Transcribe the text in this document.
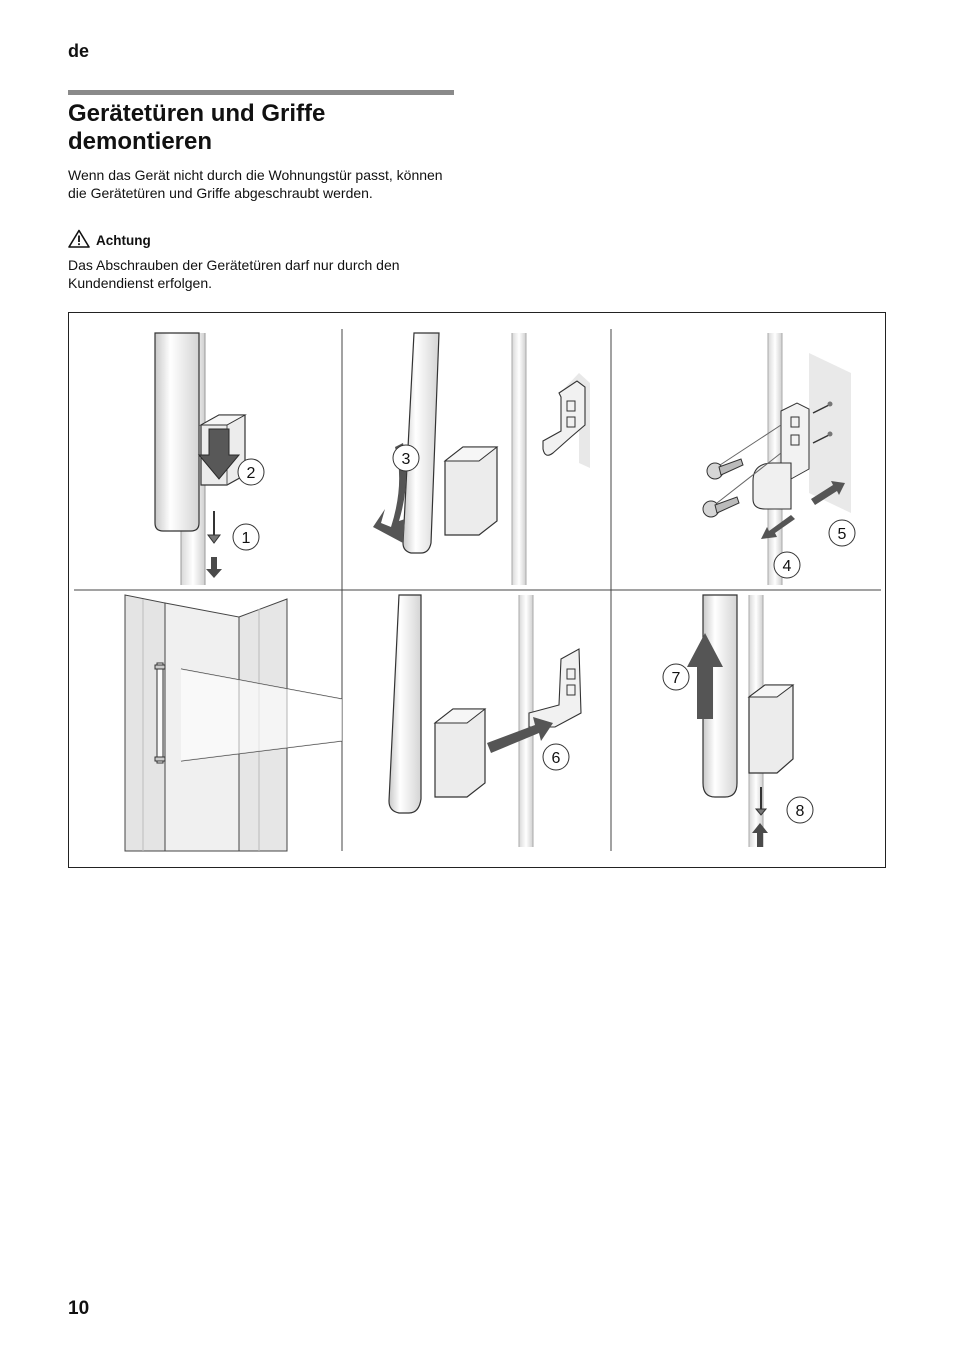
de
Gerätetüren und Griffe demontieren

Wenn das Gerät nicht durch die Wohnungstür passt, können die Gerätetüren und Griffe abgeschraubt werden.

Achtung

Das Abschrauben der Gerätetüren darf nur durch den Kundendienst erfolgen.

1
2
3
4
5
6
7
8
10
